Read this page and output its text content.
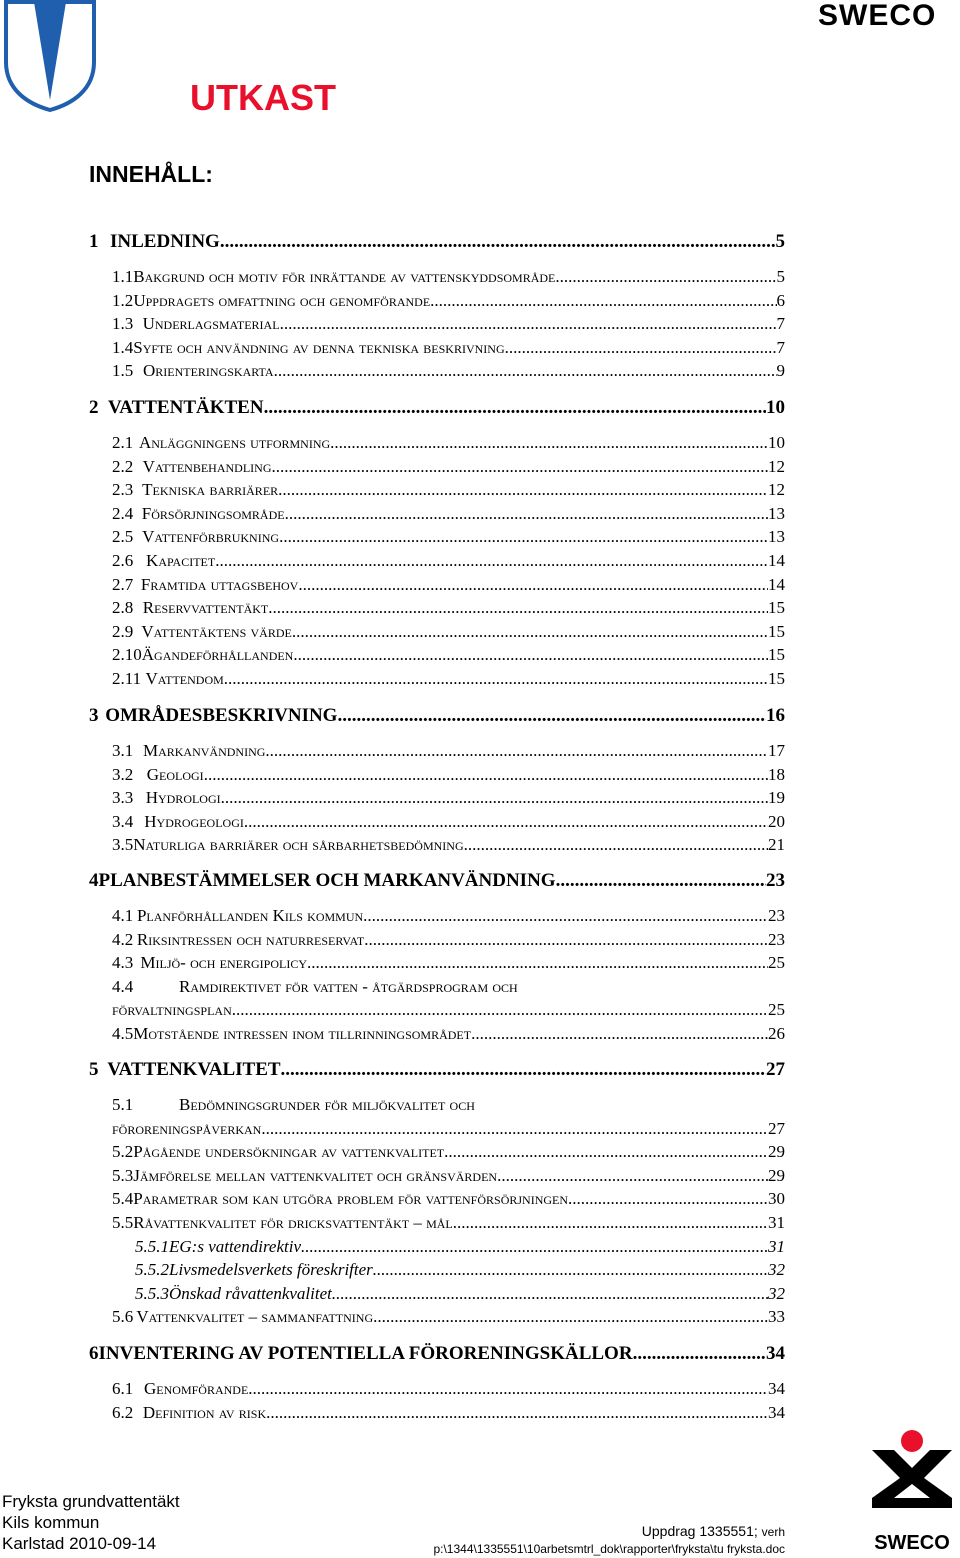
SWECO
UTKAST
INNEHÅLL:
1 INLEDNING .....	5
1.1 Bakgrund och motiv för inrättande av vattenskyddsområde .....	5
1.2 Uppdragets omfattning och genomförande .....	6
1.3 Underlagsmaterial .....	7
1.4 Syfte och användning av denna tekniska beskrivning .....	7
1.5 Orienteringskarta .....	9
2 VATTENTÄKTEN .....	10
2.1 Anläggningens utformning .....	10
2.2 Vattenbehandling .....	12
2.3 Tekniska barriärer .....	12
2.4 Försörjningsområde .....	13
2.5 Vattenförbrukning .....	13
2.6 Kapacitet .....	14
2.7 Framtida uttagsbehov .....	14
2.8 Reservvattentäkt .....	15
2.9 Vattentäktens värde .....	15
2.10 Ägandeförhållanden .....	15
2.11 Vattendom .....	15
3 OMRÅDESBESKRIVNING .....	16
3.1 Markanvändning .....	17
3.2 Geologi .....	18
3.3 Hydrologi .....	19
3.4 Hydrogeologi .....	20
3.5 Naturliga barriärer och sårbarhetsbedömning .....	21
4 PLANBESTÄMMELSER OCH MARKANVÄNDNING .....	23
4.1 Planförhållanden Kils kommun .....	23
4.2 Riksintressen och naturreservat .....	23
4.3 Miljö- och energipolicy .....	25
4.4	Ramdirektivet för vatten - åtgärdsprogram och
förvaltningsplan .....	25
4.5 Motstående intressen inom tillrinningsområdet .....	26
5 VATTENKVALITET .....	27
5.1	Bedömningsgrunder för miljökvalitet och
föroreningspåverkan .....	27
5.2 Pågående undersökningar av vattenkvalitet .....	29
5.3 Jämförelse mellan vattenkvalitet och gränsvärden .....	29
5.4 Parametrar som kan utgöra problem för vattenförsörjningen .....	30
5.5 Råvattenkvalitet för dricksvattentäkt – mål .....	31
5.5.1 EG:s vattendirektiv .....	31
5.5.2 Livsmedelsverkets föreskrifter .....	32
5.5.3 Önskad råvattenkvalitet .....	32
5.6 Vattenkvalitet – sammanfattning .....	33
6 INVENTERING AV POTENTIELLA FÖRORENINGSKÄLLOR .....	34
6.1 Genomförande .....	34
6.2 Definition av risk .....	34
Fryksta grundvattentäkt
Kils kommun
Karlstad 2010-09-14
Uppdrag 1335551; verh
p:\1344\1335551\10arbetsmtrl_dok\rapporter\fryksta\tu fryksta.doc	SWECO
